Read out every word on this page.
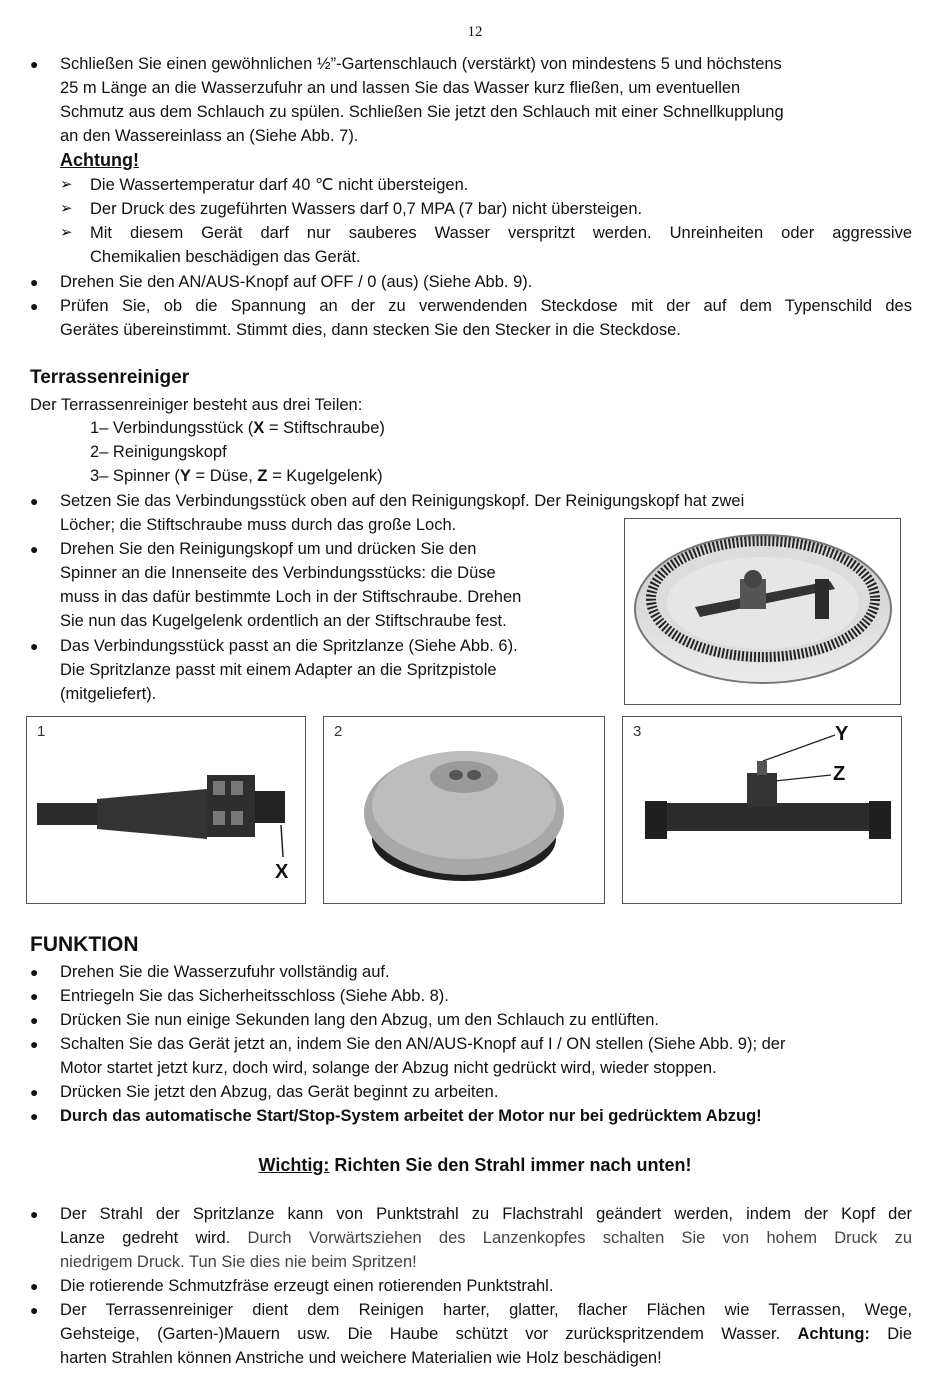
12
● Schließen Sie einen gewöhnlichen ½”-Gartenschlauch (verstärkt) von mindestens 5 und höchstens
25 m Länge an die Wasserzufuhr an und lassen Sie das Wasser kurz fließen, um eventuellen
Schmutz aus dem Schlauch zu spülen. Schließen Sie jetzt den Schlauch mit einer Schnellkupplung
an den Wassereinlass an (Siehe Abb. 7).
Achtung!
➢ Die Wassertemperatur darf 40 ℃ nicht übersteigen.
➢ Der Druck des zugeführten Wassers darf 0,7 MPA (7 bar) nicht übersteigen.
➢ Mit diesem Gerät darf nur sauberes Wasser verspritzt werden. Unreinheiten oder aggressive
Chemikalien beschädigen das Gerät.
● Drehen Sie den AN/AUS-Knopf auf OFF / 0 (aus) (Siehe Abb. 9).
● Prüfen Sie, ob die Spannung an der zu verwendenden Steckdose mit der auf dem Typenschild des
Gerätes übereinstimmt. Stimmt dies, dann stecken Sie den Stecker in die Steckdose.
Terrassenreiniger
Der Terrassenreiniger besteht aus drei Teilen:
1– Verbindungsstück (X = Stiftschraube)
2– Reinigungskopf
3– Spinner (Y = Düse, Z = Kugelgelenk)
● Setzen Sie das Verbindungsstück oben auf den Reinigungskopf. Der Reinigungskopf hat zwei
Löcher; die Stiftschraube muss durch das große Loch.
● Drehen Sie den Reinigungskopf um und drücken Sie den
Spinner an die Innenseite des Verbindungsstücks: die Düse
muss in das dafür bestimmte Loch in der Stiftschraube. Drehen
Sie nun das Kugelgelenk ordentlich an der Stiftschraube fest.
● Das Verbindungsstück passt an die Spritzlanze (Siehe Abb. 6).
Die Spritzlanze passt mit einem Adapter an die Spritzpistole
(mitgeliefert).
1
X
2	3	Y
Z
FUNKTION
● Drehen Sie die Wasserzufuhr vollständig auf.
● Entriegeln Sie das Sicherheitsschloss (Siehe Abb. 8).
● Drücken Sie nun einige Sekunden lang den Abzug, um den Schlauch zu entlüften.
● Schalten Sie das Gerät jetzt an, indem Sie den AN/AUS-Knopf auf I / ON stellen (Siehe Abb. 9); der
Motor startet jetzt kurz, doch wird, solange der Abzug nicht gedrückt wird, wieder stoppen.
● Drücken Sie jetzt den Abzug, das Gerät beginnt zu arbeiten.
● Durch das automatische Start/Stop-System arbeitet der Motor nur bei gedrücktem Abzug!
Wichtig: Richten Sie den Strahl immer nach unten!
● Der Strahl der Spritzlanze kann von Punktstrahl zu Flachstrahl geändert werden, indem der Kopf der
Lanze gedreht wird. Durch Vorwärtsziehen des Lanzenkopfes schalten Sie von hohem Druck zu
niedrigem Druck. Tun Sie dies nie beim Spritzen!
● Die rotierende Schmutzfräse erzeugt einen rotierenden Punktstrahl.
● Der Terrassenreiniger dient dem Reinigen harter, glatter, flacher Flächen wie Terrassen, Wege,
Gehsteige, (Garten-)Mauern usw. Die Haube schützt vor zurückspritzendem Wasser. Achtung: Die
harten Strahlen können Anstriche und weichere Materialien wie Holz beschädigen!
